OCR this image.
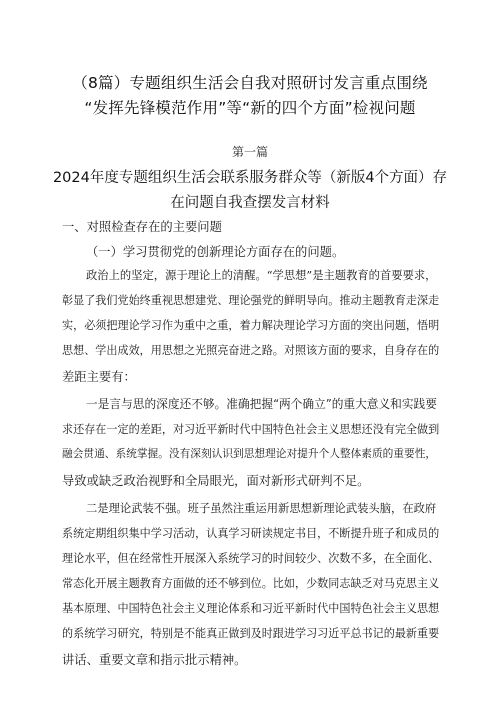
（8篇）专题组织生活会自我对照研讨发言重点围绕
“发挥先锋模范作用”等“新的四个方面”检视问题
第一篇
2024年度专题组织生活会联系服务群众等（新版4个方面）存
在问题自我查摆发言材料
一、对照检查存在的主要问题
（一）学习贯彻党的创新理论方面存在的问题。
政治上的坚定，源于理论上的清醒。“学思想”是主题教育的首要要求，
彰显了我们党始终重视思想建党、理论强党的鲜明导向。推动主题教育走深走
实，必须把理论学习作为重中之重，着力解决理论学习方面的突出问题，悟明
思想、学出成效，用思想之光照亮奋进之路。对照该方面的要求，自身存在的
差距主要有：
一是言与思的深度还不够。准确把握“两个确立”的重大意义和实践要
求还存在一定的差距，对习近平新时代中国特色社会主义思想还没有完全做到
融会贯通、系统掌握。没有深刻认识到思想理论对提升个人整体素质的重要性，
导致或缺乏政治视野和全局眼光，面对新形式研判不足。
二是理论武装不强。班子虽然注重运用新思想新理论武装头脑，在政府
系统定期组织集中学习活动，认真学习研读规定书目，不断提升班子和成员的
理论水平，但在经常性开展深入系统学习的时间较少、次数不多，在全面化、
常态化开展主题教育方面做的还不够到位。比如，少数同志缺乏对马克思主义
基本原理、中国特色社会主义理论体系和习近平新时代中国特色社会主义思想
的系统学习研究，特别是不能真正做到及时跟进学习习近平总书记的最新重要
讲话、重要文章和指示批示精神。
